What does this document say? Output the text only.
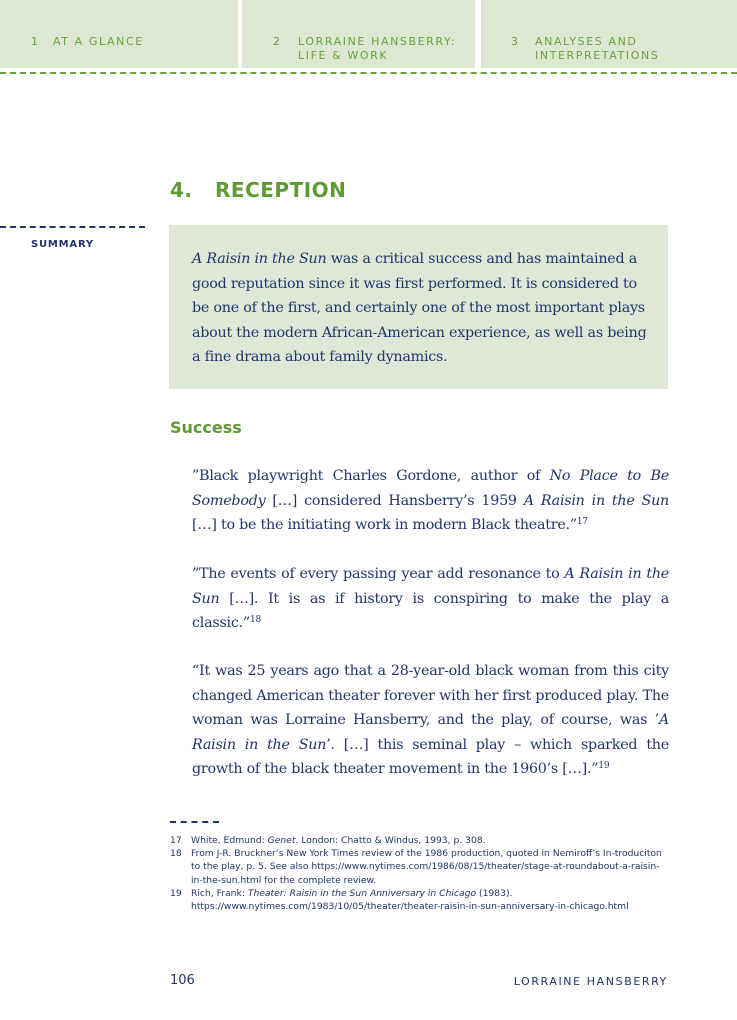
1 AT A GLANCE	2 LORRAINE HANSBERRY:
LIFE & WORK
3 ANALYSES AND
INTERPRETATIONS
4. RECEPTION
SUMMARY
A Raisin in the Sun was a critical success and has maintained a good reputation since it was first performed. It is considered to be one of the first, and certainly one of the most important plays about the modern African-American experience, as well as being a fine drama about family dynamics.
Success

”Black playwright Charles Gordone, author of No Place to Be Somebody […] considered Hansberry’s 1959 A Raisin in the Sun […] to be the initiating work in modern Black theatre.”$^{17}$

”The events of every passing year add resonance to A Raisin in the Sun […]. It is as if history is conspiring to make the play a classic.”$^{18}$

“It was 25 years ago that a 28-year-old black woman from this city changed American theater forever with her first produced play. The woman was Lorraine Hansberry, and the play, of course, was ’A Raisin in the Sun’. […] this seminal play – which sparked the growth of the black theater movement in the 1960’s […].”$^{19}$

17 White, Edmund: Genet. London: Chatto & Windus, 1993, p. 308.
18 From J-R. Bruckner’s New York Times review of the 1986 production, quoted in Nemiroff’s In-troduciton to the play, p. 5. See also https://www.nytimes.com/1986/08/15/theater/stage-at-roundabout-a-raisin-in-the-sun.html for the complete review.
19 Rich, Frank: Theater: Raisin in the Sun Anniversary in Chicago (1983).
https://www.nytimes.com/1983/10/05/theater/theater-raisin-in-sun-anniversary-in-chicago.html
106	LORRAINE HANSBERRY
